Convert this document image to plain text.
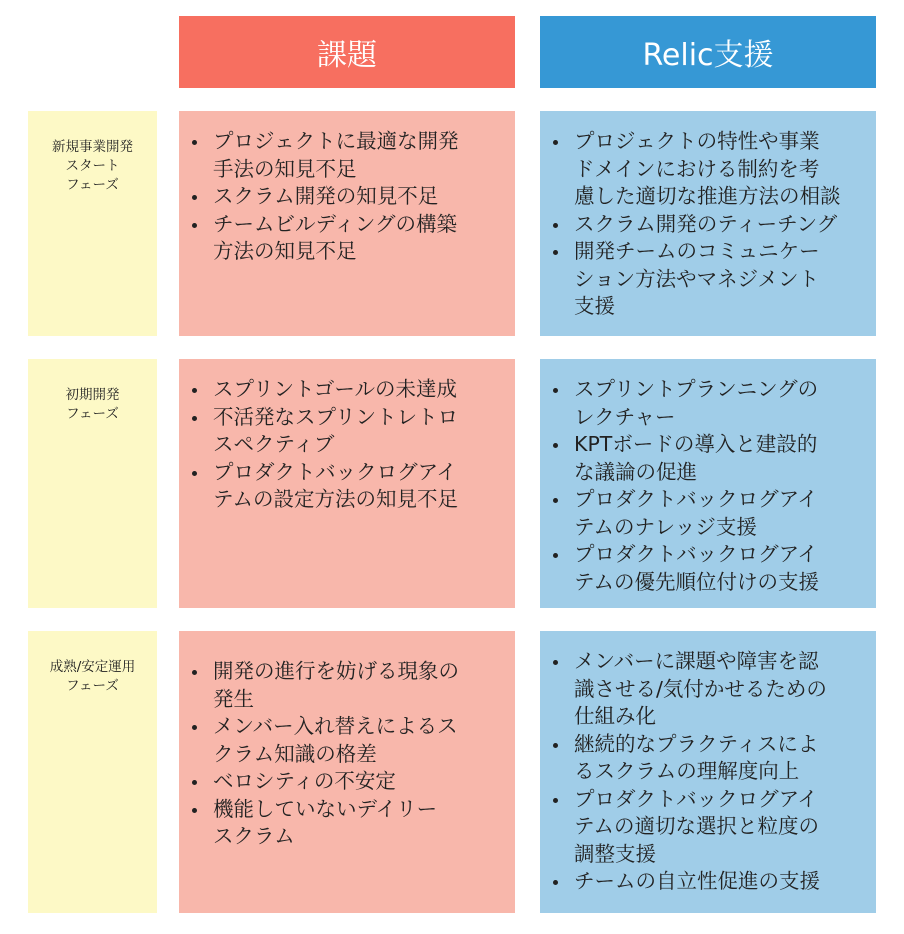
課題	Relic支援
新規事業開発
スタート
フェーズ
プロジェクトに最適な開発
手法の知見不足
スクラム開発の知見不足
チームビルディングの構築
方法の知見不足
プロジェクトの特性や事業
ドメインにおける制約を考
慮した適切な推進方法の相談
スクラム開発のティーチング
開発チームのコミュニケー
ション方法やマネジメント
支援
初期開発
フェーズ
スプリントゴールの未達成
不活発なスプリントレトロ
スペクティブ
プロダクトバックログアイ
テムの設定方法の知見不足
スプリントプランニングの
レクチャー
KPTボードの導入と建設的
な議論の促進
プロダクトバックログアイ
テムのナレッジ支援
プロダクトバックログアイ
テムの優先順位付けの支援
成熟/安定運用
フェーズ
開発の進行を妨げる現象の
発生
メンバー入れ替えによるス
クラム知識の格差
ベロシティの不安定
機能していないデイリー
スクラム
メンバーに課題や障害を認
識させる/気付かせるための
仕組み化
継続的なプラクティスによ
るスクラムの理解度向上
プロダクトバックログアイ
テムの適切な選択と粒度の
調整支援
チームの自立性促進の支援
